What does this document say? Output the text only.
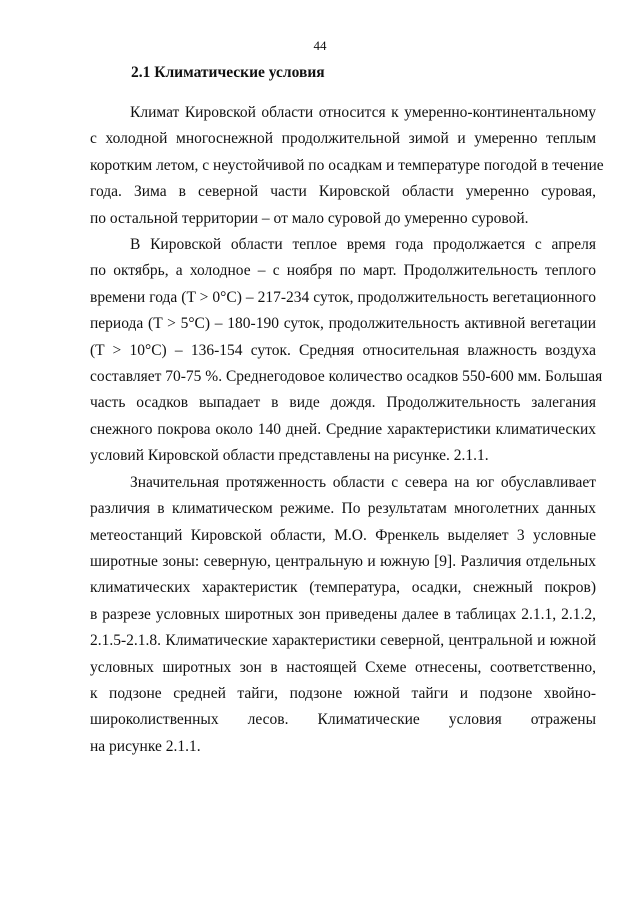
44
2.1 Климатические условия

Климат Кировской области относится к умеренно-континентальному
с холодной многоснежной продолжительной зимой и умеренно теплым
коротким летом, с неустойчивой по осадкам и температуре погодой в течение
года. Зима в северной части Кировской области умеренно суровая,
по остальной территории – от мало суровой до умеренно суровой.

В Кировской области теплое время года продолжается с апреля
по октябрь, а холодное – с ноября по март. Продолжительность теплого
времени года (T > 0°C) – 217-234 суток, продолжительность вегетационного
периода (T > 5°C) – 180-190 суток, продолжительность активной вегетации
(T > 10°C) – 136-154 суток. Средняя относительная влажность воздуха
составляет 70-75 %. Среднегодовое количество осадков 550-600 мм. Большая
часть осадков выпадает в виде дождя. Продолжительность залегания
снежного покрова около 140 дней. Средние характеристики климатических
условий Кировской области представлены на рисунке. 2.1.1.

Значительная протяженность области с севера на юг обуславливает
различия в климатическом режиме. По результатам многолетних данных
метеостанций Кировской области, М.О. Френкель выделяет 3 условные
широтные зоны: северную, центральную и южную [9]. Различия отдельных
климатических характеристик (температура, осадки, снежный покров)
в разрезе условных широтных зон приведены далее в таблицах 2.1.1, 2.1.2,
2.1.5-2.1.8. Климатические характеристики северной, центральной и южной
условных широтных зон в настоящей Схеме отнесены, соответственно,
к подзоне средней тайги, подзоне южной тайги и подзоне хвойно-
широколиственных лесов. Климатические условия отражены
на рисунке 2.1.1.
